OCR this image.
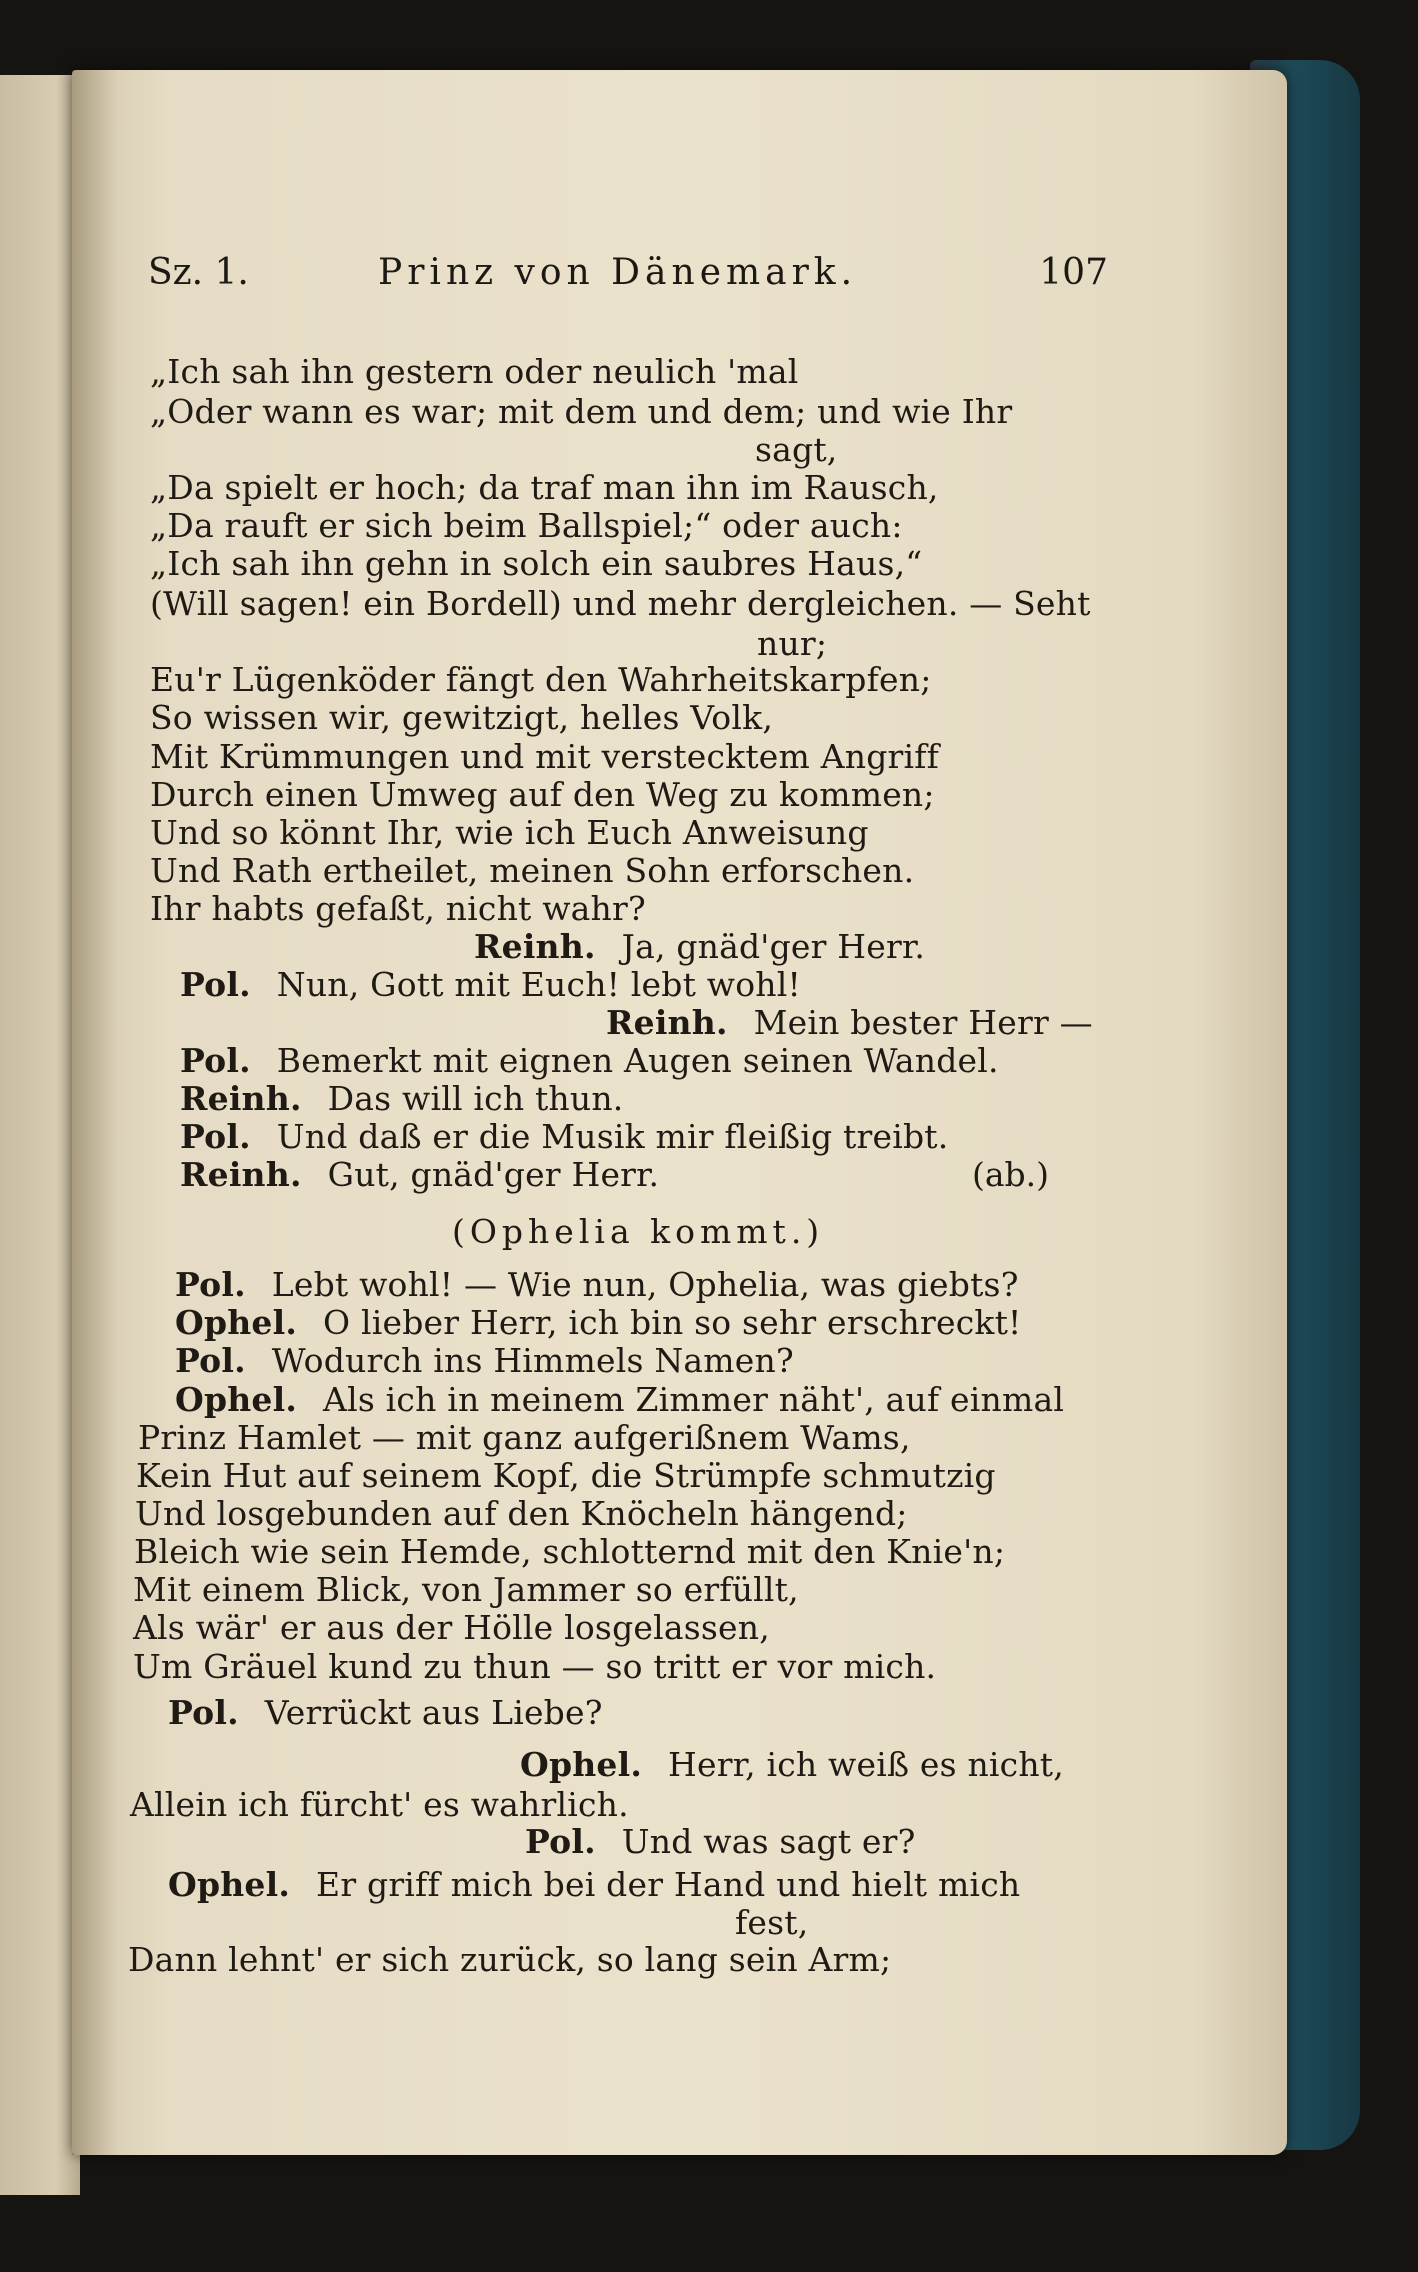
Sz. 1.	Prinz von Dänemark.	107
„Ich sah ihn gestern oder neulich 'mal
„Oder wann es war; mit dem und dem; und wie Ihr
sagt,
„Da spielt er hoch; da traf man ihn im Rausch,
„Da rauft er sich beim Ballspiel;“ oder auch:
„Ich sah ihn gehn in solch ein saubres Haus,“
(Will sagen! ein Bordell) und mehr dergleichen. — Seht
nur;
Eu'r Lügenköder fängt den Wahrheitskarpfen;
So wissen wir, gewitzigt, helles Volk,
Mit Krümmungen und mit verstecktem Angriff
Durch einen Umweg auf den Weg zu kommen;
Und so könnt Ihr, wie ich Euch Anweisung
Und Rath ertheilet, meinen Sohn erforschen.
Ihr habts gefaßt, nicht wahr?
Reinh. Ja, gnäd'ger Herr.
Pol. Nun, Gott mit Euch! lebt wohl!
Reinh. Mein bester Herr —
Pol. Bemerkt mit eignen Augen seinen Wandel.
Reinh. Das will ich thun.
Pol. Und daß er die Musik mir fleißig treibt.
Reinh. Gut, gnäd'ger Herr.	(ab.)
(Ophelia kommt.)
Pol. Lebt wohl! — Wie nun, Ophelia, was giebts?
Ophel. O lieber Herr, ich bin so sehr erschreckt!
Pol. Wodurch ins Himmels Namen?
Ophel. Als ich in meinem Zimmer näht', auf einmal
Prinz Hamlet — mit ganz aufgerißnem Wams,
Kein Hut auf seinem Kopf, die Strümpfe schmutzig
Und losgebunden auf den Knöcheln hängend;
Bleich wie sein Hemde, schlotternd mit den Knie'n;
Mit einem Blick, von Jammer so erfüllt,
Als wär' er aus der Hölle losgelassen,
Um Gräuel kund zu thun — so tritt er vor mich.
Pol. Verrückt aus Liebe?
Ophel. Herr, ich weiß es nicht,
Allein ich fürcht' es wahrlich.
Pol. Und was sagt er?
Ophel. Er griff mich bei der Hand und hielt mich
fest,
Dann lehnt' er sich zurück, so lang sein Arm;
